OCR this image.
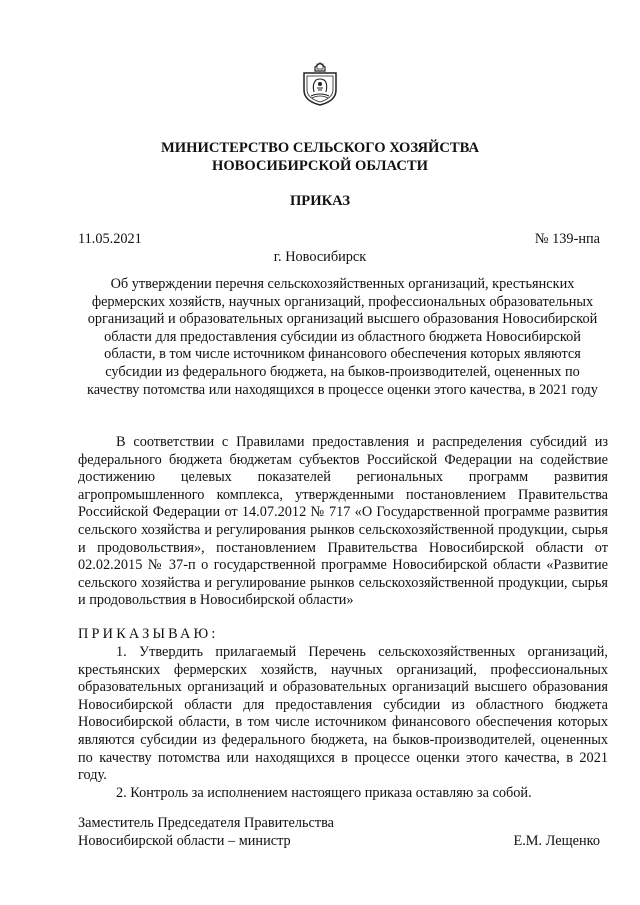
МИНИСТЕРСТВО СЕЛЬСКОГО ХОЗЯЙСТВА
НОВОСИБИРСКОЙ ОБЛАСТИ
ПРИКАЗ
11.05.2021	№ 139-нпа
г. Новосибирск
Об утверждении перечня сельскохозяйственных организаций, крестьянских фермерских хозяйств, научных организаций, профессиональных образовательных организаций и образовательных организаций высшего образования Новосибирской области для предоставления субсидии из областного бюджета Новосибирской области, в том числе источником финансового обеспечения которых являются субсидии из федерального бюджета, на быков-производителей, оцененных по качеству потомства или находящихся в процессе оценки этого качества, в 2021 году

В соответствии с Правилами предоставления и распределения субсидий из федерального бюджета бюджетам субъектов Российской Федерации на содействие достижению целевых показателей региональных программ развития агропромышленного комплекса, утвержденными постановлением Правительства Российской Федерации от 14.07.2012 № 717 «О Государственной программе развития сельского хозяйства и регулирования рынков сельскохозяйственной продукции, сырья и продовольствия», постановлением Правительства Новосибирской области от 02.02.2015 № 37-п о государственной программе Новосибирской области «Развитие сельского хозяйства и регулирование рынков сельскохозяйственной продукции, сырья и продовольствия в Новосибирской области»

ПРИКАЗЫВАЮ:

1. Утвердить прилагаемый Перечень сельскохозяйственных организаций, крестьянских фермерских хозяйств, научных организаций, профессиональных образовательных организаций и образовательных организаций высшего образования Новосибирской области для предоставления субсидии из областного бюджета Новосибирской области, в том числе источником финансового обеспечения которых являются субсидии из федерального бюджета, на быков-производителей, оцененных по качеству потомства или находящихся в процессе оценки этого качества, в 2021 году.

2. Контроль за исполнением настоящего приказа оставляю за собой.

Заместитель Председателя Правительства
Новосибирской области – министр	Е.М. Лещенко
